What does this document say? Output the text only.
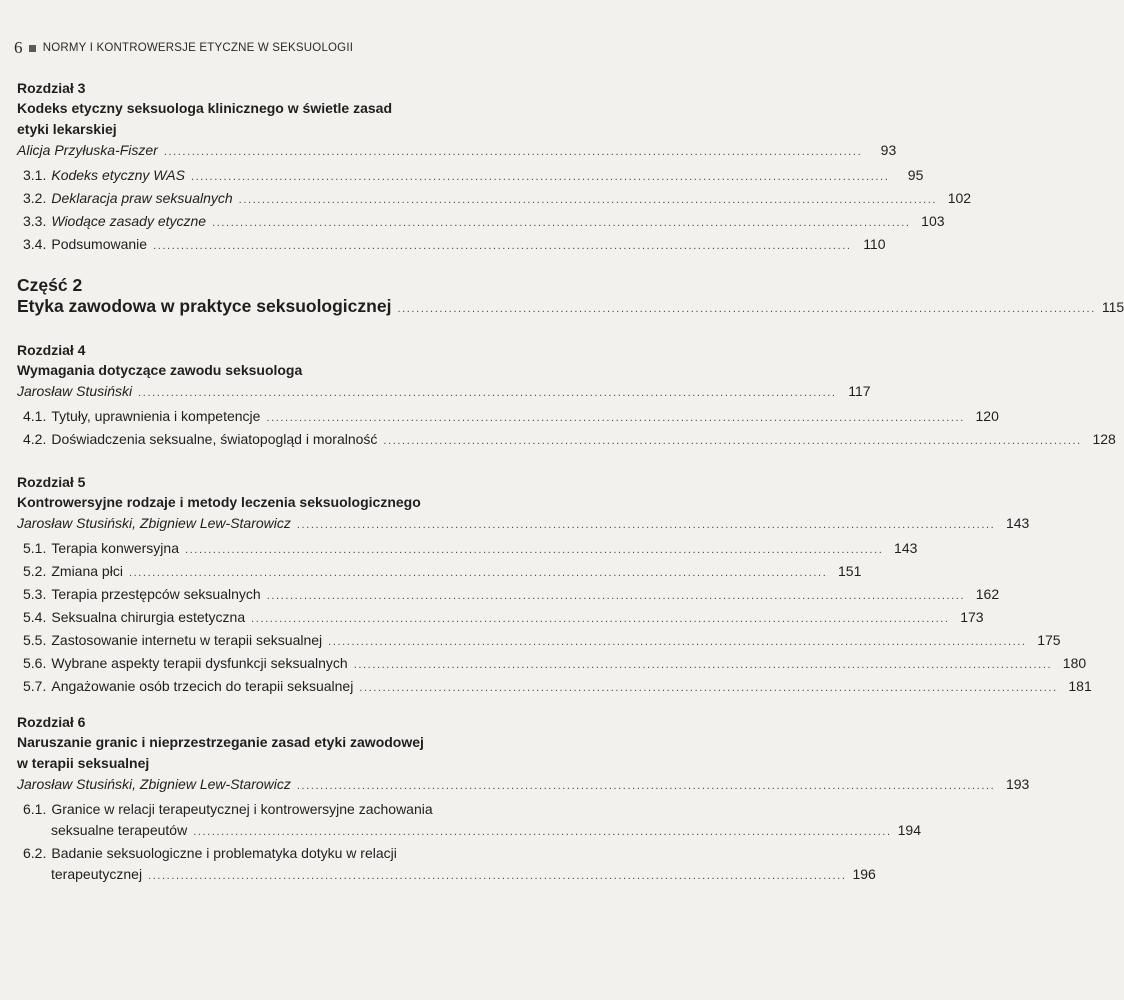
6 NORMY I KONTROWERSJE ETYCZNE W SEKSUOLOGII
Rozdział 3
Kodeks etyczny seksuologa klinicznego w świetle zasad
etyki lekarskiej
Alicja Przyłuska-Fiszer ......................................................................................................................................................	93
3.1. Kodeks etyczny WAS ......................................................................................................................................................	95
3.2. Deklaracja praw seksualnych ...................................................................................................................................................... 102
3.3. Wiodące zasady etyczne ...................................................................................................................................................... 103
3.4. Podsumowanie ...................................................................................................................................................... 110
Część 2
Etyka zawodowa w praktyce seksuologicznej ...................................................................................................................................................... 115
Rozdział 4
Wymagania dotyczące zawodu seksuologa
Jarosław Stusiński ...................................................................................................................................................... 117
4.1. Tytuły, uprawnienia i kompetencje ...................................................................................................................................................... 120
4.2. Doświadczenia seksualne, światopogląd i moralność ...................................................................................................................................................... 128
Rozdział 5
Kontrowersyjne rodzaje i metody leczenia seksuologicznego
Jarosław Stusiński, Zbigniew Lew-Starowicz ...................................................................................................................................................... 143
5.1. Terapia konwersyjna ...................................................................................................................................................... 143
5.2. Zmiana płci ...................................................................................................................................................... 151
5.3. Terapia przestępców seksualnych ...................................................................................................................................................... 162
5.4. Seksualna chirurgia estetyczna ...................................................................................................................................................... 173
5.5. Zastosowanie internetu w terapii seksualnej ...................................................................................................................................................... 175
5.6. Wybrane aspekty terapii dysfunkcji seksualnych ...................................................................................................................................................... 180
5.7. Angażowanie osób trzecich do terapii seksualnej ...................................................................................................................................................... 181
Rozdział 6
Naruszanie granic i nieprzestrzeganie zasad etyki zawodowej
w terapii seksualnej
Jarosław Stusiński, Zbigniew Lew-Starowicz ...................................................................................................................................................... 193
6.1. Granice w relacji terapeutycznej i kontrowersyjne zachowania
seksualne terapeutów ...................................................................................................................................................... 194
6.2. Badanie seksuologiczne i problematyka dotyku w relacji
terapeutycznej ...................................................................................................................................................... 196
